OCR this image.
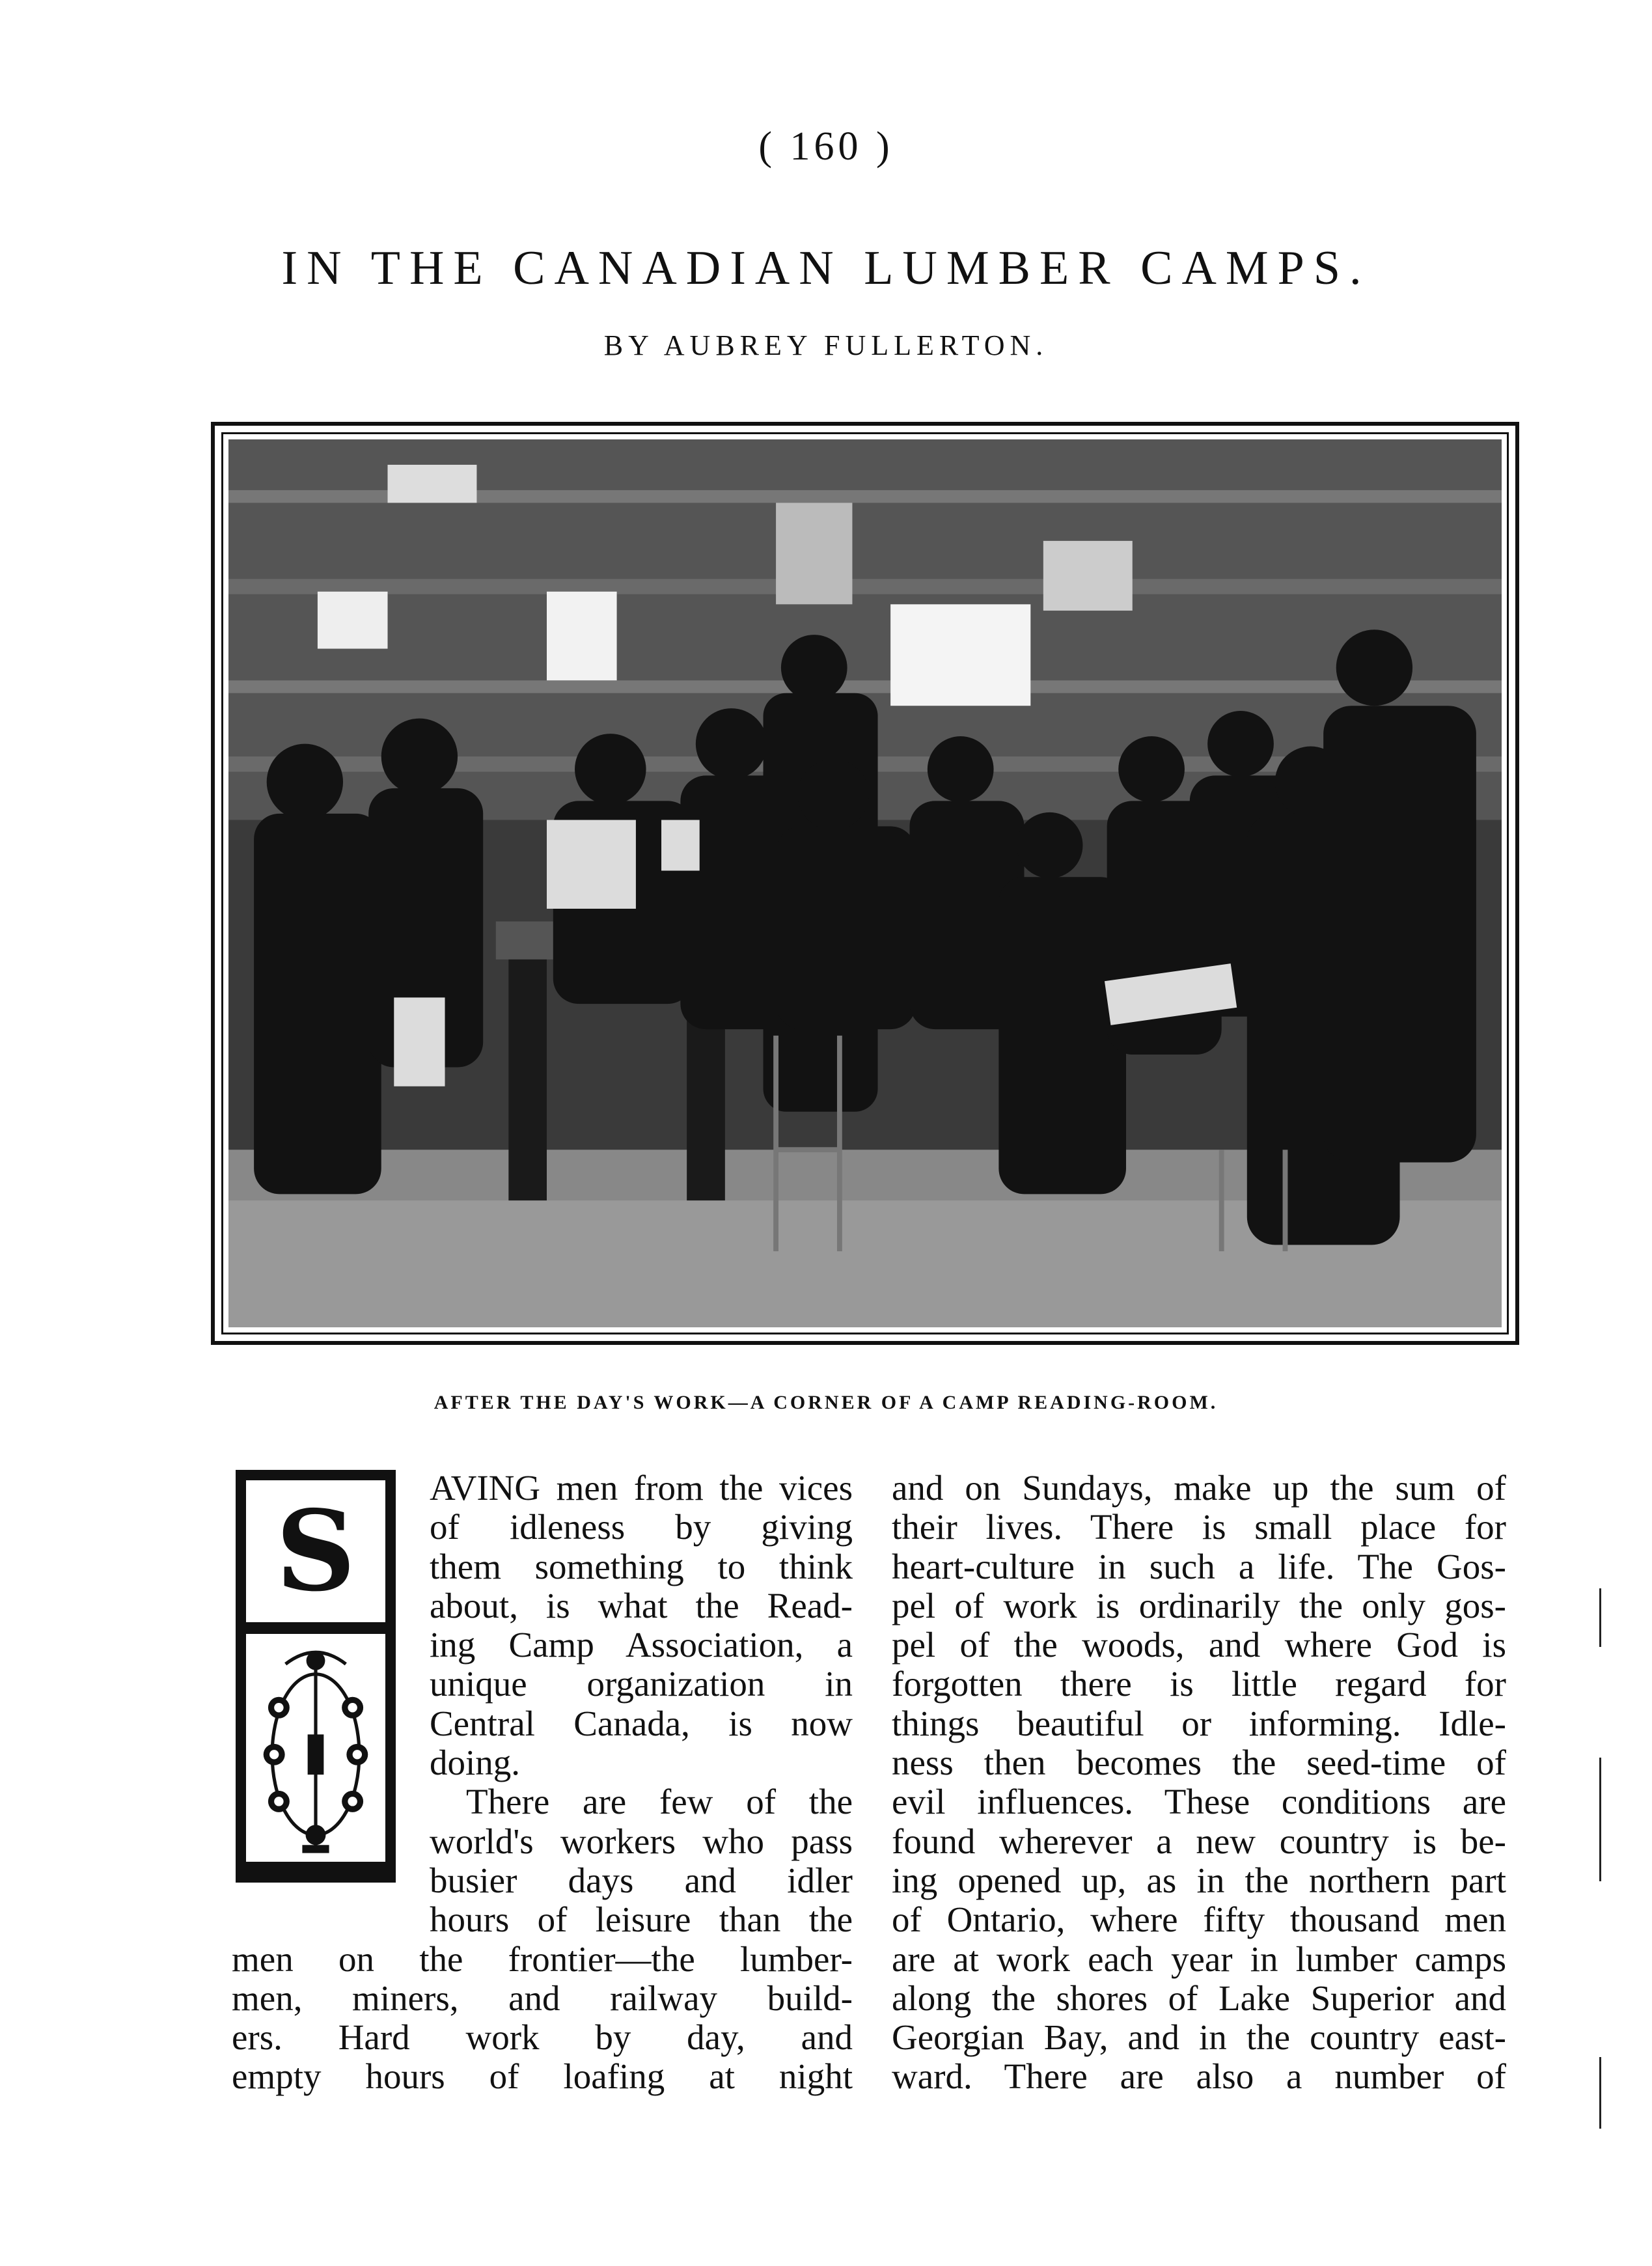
( 160 )
IN THE CANADIAN LUMBER CAMPS.
BY AUBREY FULLERTON.
AFTER THE DAY'S WORK—A CORNER OF A CAMP READING-ROOM.
S	AVING men from the vices
of idleness by giving
them something to think
about, is what the Read-
ing Camp Association, a
unique organization in
Central Canada, is now
doing.
There are few of the
world's workers who pass
busier days and idler
hours of leisure than the
men on the frontier—the lumber-
men, miners, and railway build-
ers. Hard work by day, and
empty hours of loafing at night
and on Sundays, make up the sum of
their lives. There is small place for
heart-culture in such a life. The Gos-
pel of work is ordinarily the only gos-
pel of the woods, and where God is
forgotten there is little regard for
things beautiful or informing. Idle-
ness then becomes the seed-time of
evil influences. These conditions are
found wherever a new country is be-
ing opened up, as in the northern part
of Ontario, where fifty thousand men
are at work each year in lumber camps
along the shores of Lake Superior and
Georgian Bay, and in the country east-
ward. There are also a number of
